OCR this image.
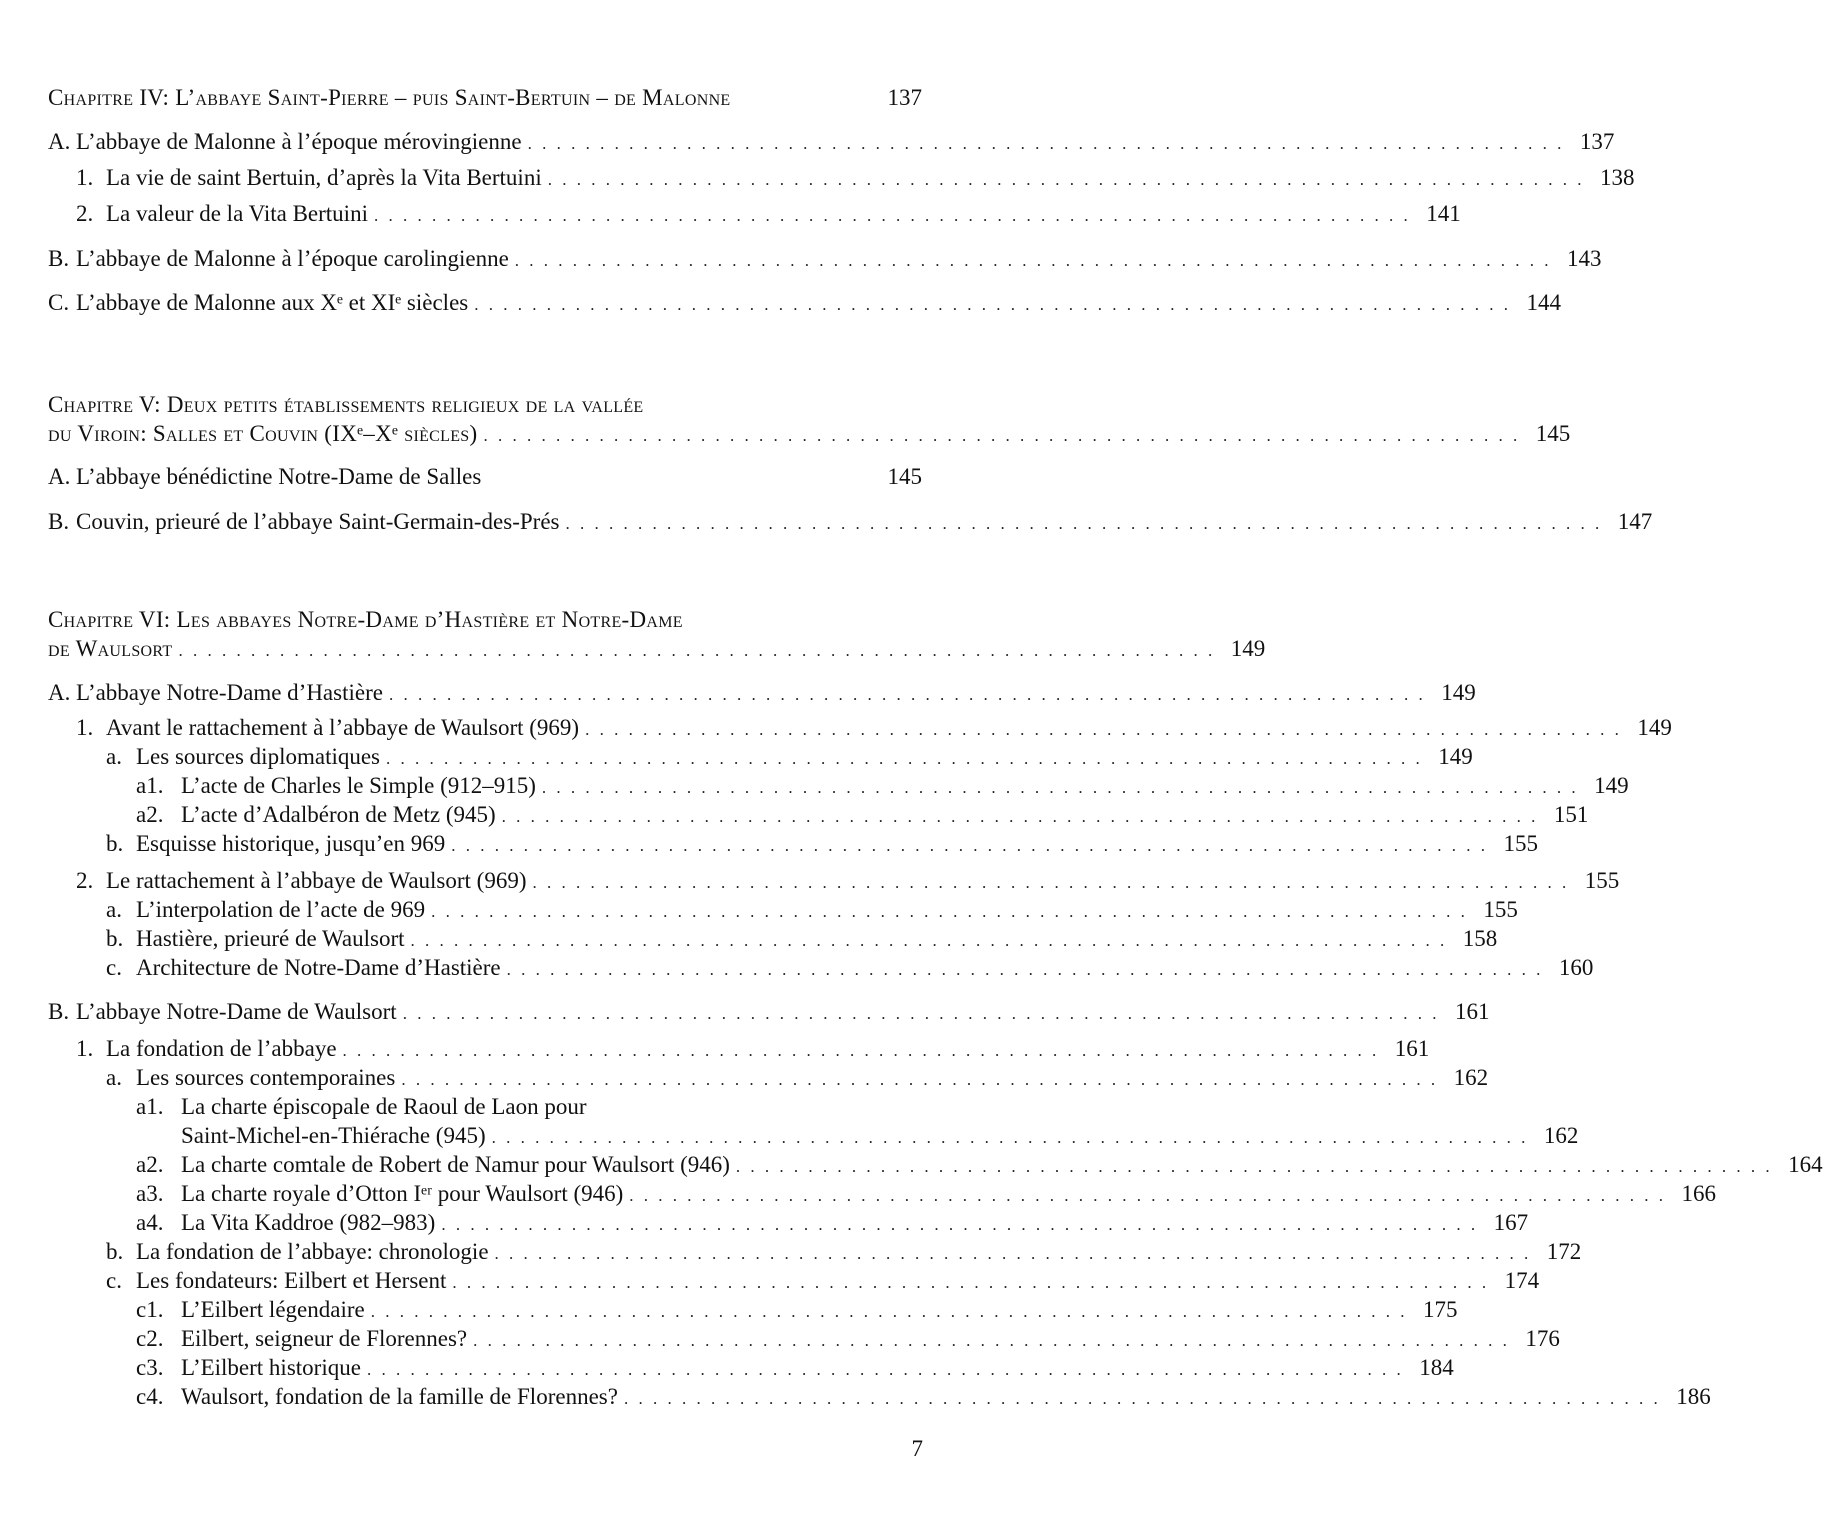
Chapitre IV: L’abbaye Saint-Pierre – puis Saint-Bertuin – de Malonne	137
A. L’abbaye de Malonne à l’époque mérovingienne . . . . . . . . . . . . . . . . . . . . . . . . . . . . . . . . . . . . . . . . . . . . . . . . . . . . . . . . . . . . . . . . . . . . . . . . 137
1. La vie de saint Bertuin, d’après la Vita Bertuini . . . . . . . . . . . . . . . . . . . . . . . . . . . . . . . . . . . . . . . . . . . . . . . . . . . . . . . . . . . . . . . . . . . . . . . . 138
2. La valeur de la Vita Bertuini . . . . . . . . . . . . . . . . . . . . . . . . . . . . . . . . . . . . . . . . . . . . . . . . . . . . . . . . . . . . . . . . . . . . . . . . 141
B. L’abbaye de Malonne à l’époque carolingienne . . . . . . . . . . . . . . . . . . . . . . . . . . . . . . . . . . . . . . . . . . . . . . . . . . . . . . . . . . . . . . . . . . . . . . . . 143
C. L’abbaye de Malonne aux Xᵉ et XIᵉ siècles . . . . . . . . . . . . . . . . . . . . . . . . . . . . . . . . . . . . . . . . . . . . . . . . . . . . . . . . . . . . . . . . . . . . . . . . 144
Chapitre V: Deux petits établissements religieux de la vallée
du Viroin: Salles et Couvin (IXᵉ–Xᵉ siècles) . . . . . . . . . . . . . . . . . . . . . . . . . . . . . . . . . . . . . . . . . . . . . . . . . . . . . . . . . . . . . . . . . . . . . . . . 145
A. L’abbaye bénédictine Notre-Dame de Salles	145
B. Couvin, prieuré de l’abbaye Saint-Germain-des-Prés . . . . . . . . . . . . . . . . . . . . . . . . . . . . . . . . . . . . . . . . . . . . . . . . . . . . . . . . . . . . . . . . . . . . . . . . 147
Chapitre VI: Les abbayes Notre-Dame d’Hastière et Notre-Dame
de Waulsort . . . . . . . . . . . . . . . . . . . . . . . . . . . . . . . . . . . . . . . . . . . . . . . . . . . . . . . . . . . . . . . . . . . . . . . . 149
A. L’abbaye Notre-Dame d’Hastière . . . . . . . . . . . . . . . . . . . . . . . . . . . . . . . . . . . . . . . . . . . . . . . . . . . . . . . . . . . . . . . . . . . . . . . . 149
1. Avant le rattachement à l’abbaye de Waulsort (969) . . . . . . . . . . . . . . . . . . . . . . . . . . . . . . . . . . . . . . . . . . . . . . . . . . . . . . . . . . . . . . . . . . . . . . . . 149
a. Les sources diplomatiques . . . . . . . . . . . . . . . . . . . . . . . . . . . . . . . . . . . . . . . . . . . . . . . . . . . . . . . . . . . . . . . . . . . . . . . . 149
a1. L’acte de Charles le Simple (912–915) . . . . . . . . . . . . . . . . . . . . . . . . . . . . . . . . . . . . . . . . . . . . . . . . . . . . . . . . . . . . . . . . . . . . . . . . 149
a2. L’acte d’Adalbéron de Metz (945) . . . . . . . . . . . . . . . . . . . . . . . . . . . . . . . . . . . . . . . . . . . . . . . . . . . . . . . . . . . . . . . . . . . . . . . . 151
b. Esquisse historique, jusqu’en 969 . . . . . . . . . . . . . . . . . . . . . . . . . . . . . . . . . . . . . . . . . . . . . . . . . . . . . . . . . . . . . . . . . . . . . . . . 155
2. Le rattachement à l’abbaye de Waulsort (969) . . . . . . . . . . . . . . . . . . . . . . . . . . . . . . . . . . . . . . . . . . . . . . . . . . . . . . . . . . . . . . . . . . . . . . . . 155
a. L’interpolation de l’acte de 969 . . . . . . . . . . . . . . . . . . . . . . . . . . . . . . . . . . . . . . . . . . . . . . . . . . . . . . . . . . . . . . . . . . . . . . . . 155
b. Hastière, prieuré de Waulsort . . . . . . . . . . . . . . . . . . . . . . . . . . . . . . . . . . . . . . . . . . . . . . . . . . . . . . . . . . . . . . . . . . . . . . . . 158
c. Architecture de Notre-Dame d’Hastière . . . . . . . . . . . . . . . . . . . . . . . . . . . . . . . . . . . . . . . . . . . . . . . . . . . . . . . . . . . . . . . . . . . . . . . . 160
B. L’abbaye Notre-Dame de Waulsort . . . . . . . . . . . . . . . . . . . . . . . . . . . . . . . . . . . . . . . . . . . . . . . . . . . . . . . . . . . . . . . . . . . . . . . . 161
1. La fondation de l’abbaye . . . . . . . . . . . . . . . . . . . . . . . . . . . . . . . . . . . . . . . . . . . . . . . . . . . . . . . . . . . . . . . . . . . . . . . . 161
a. Les sources contemporaines . . . . . . . . . . . . . . . . . . . . . . . . . . . . . . . . . . . . . . . . . . . . . . . . . . . . . . . . . . . . . . . . . . . . . . . . 162
a1. La charte épiscopale de Raoul de Laon pour
Saint-Michel-en-Thiérache (945) . . . . . . . . . . . . . . . . . . . . . . . . . . . . . . . . . . . . . . . . . . . . . . . . . . . . . . . . . . . . . . . . . . . . . . . . 162
a2. La charte comtale de Robert de Namur pour Waulsort (946) . . . . . . . . . . . . . . . . . . . . . . . . . . . . . . . . . . . . . . . . . . . . . . . . . . . . . . . . . . . . . . . . . . . . . . . . 164
a3. La charte royale d’Otton Iᵉʳ pour Waulsort (946) . . . . . . . . . . . . . . . . . . . . . . . . . . . . . . . . . . . . . . . . . . . . . . . . . . . . . . . . . . . . . . . . . . . . . . . . 166
a4. La Vita Kaddroe (982–983) . . . . . . . . . . . . . . . . . . . . . . . . . . . . . . . . . . . . . . . . . . . . . . . . . . . . . . . . . . . . . . . . . . . . . . . . 167
b. La fondation de l’abbaye: chronologie . . . . . . . . . . . . . . . . . . . . . . . . . . . . . . . . . . . . . . . . . . . . . . . . . . . . . . . . . . . . . . . . . . . . . . . . 172
c. Les fondateurs: Eilbert et Hersent . . . . . . . . . . . . . . . . . . . . . . . . . . . . . . . . . . . . . . . . . . . . . . . . . . . . . . . . . . . . . . . . . . . . . . . . 174
c1. L’Eilbert légendaire . . . . . . . . . . . . . . . . . . . . . . . . . . . . . . . . . . . . . . . . . . . . . . . . . . . . . . . . . . . . . . . . . . . . . . . . 175
c2. Eilbert, seigneur de Florennes? . . . . . . . . . . . . . . . . . . . . . . . . . . . . . . . . . . . . . . . . . . . . . . . . . . . . . . . . . . . . . . . . . . . . . . . . 176
c3. L’Eilbert historique . . . . . . . . . . . . . . . . . . . . . . . . . . . . . . . . . . . . . . . . . . . . . . . . . . . . . . . . . . . . . . . . . . . . . . . . 184
c4. Waulsort, fondation de la famille de Florennes? . . . . . . . . . . . . . . . . . . . . . . . . . . . . . . . . . . . . . . . . . . . . . . . . . . . . . . . . . . . . . . . . . . . . . . . . 186
7
